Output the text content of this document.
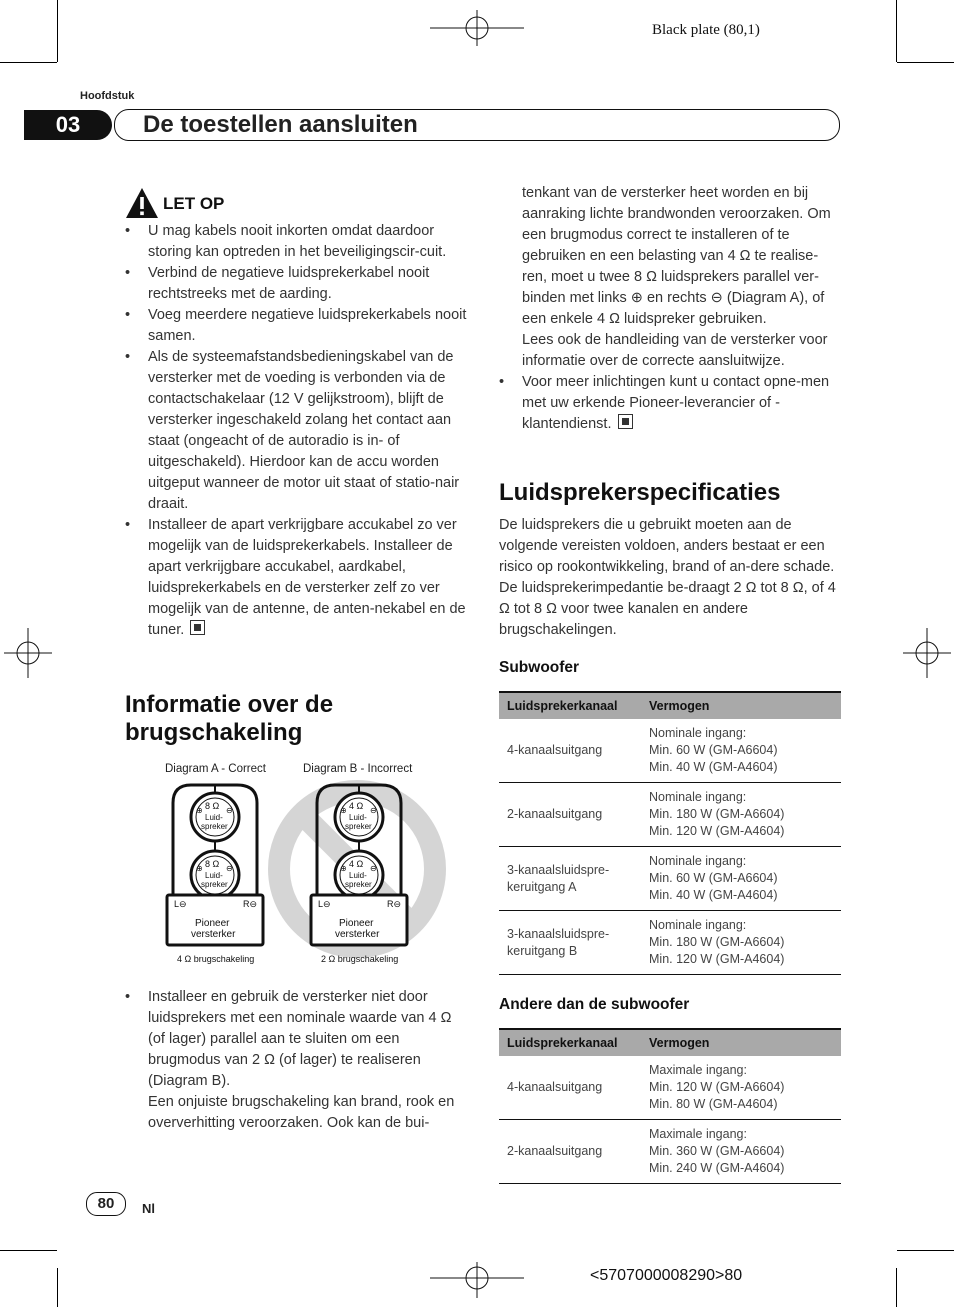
Black plate (80,1)
Hoofdstuk
03	De toestellen aansluiten
LET OP
• U mag kabels nooit inkorten omdat daardoor storing kan optreden in het beveiligingscir-cuit.
• Verbind de negatieve luidsprekerkabel nooit rechtstreeks met de aarding.
• Voeg meerdere negatieve luidsprekerkabels nooit samen.
• Als de systeemafstandsbedieningskabel van de versterker met de voeding is verbonden via de contactschakelaar (12 V gelijkstroom), blijft de versterker ingeschakeld zolang het contact aan staat (ongeacht of de autoradio is in- of uitgeschakeld). Hierdoor kan de accu worden uitgeput wanneer de motor uit staat of statio-nair draait.
• Installeer de apart verkrijgbare accukabel zo ver mogelijk van de luidsprekerkabels. Installeer de apart verkrijgbare accukabel, aardkabel, luidsprekerkabels en de versterker zelf zo ver mogelijk van de antenne, de anten-nekabel en de tuner.
Informatie over de brugschakeling
Diagram A - Correct	Diagram B - Incorrect
8 Ω
Luid-
spreker
⊕	⊖
8 Ω
Luid-
spreker
⊕	⊖
L⊖	R⊖
Pioneer
versterker
4 Ω brugschakeling
4 Ω
Luid-
spreker
⊕	⊖
4 Ω
Luid-
spreker
⊕	⊖
L⊖	R⊖
Pioneer
versterker
2 Ω brugschakeling

• Installeer en gebruik de versterker niet door luidsprekers met een nominale waarde van 4 Ω (of lager) parallel aan te sluiten om een brugmodus van 2 Ω (of lager) te realiseren (Diagram B).

Een onjuiste brugschakeling kan brand, rook en oververhitting veroorzaken. Ook kan de bui-

tenkant van de versterker heet worden en bij aanraking lichte brandwonden veroorzaken. Om een brugmodus correct te installeren of te gebruiken en een belasting van 4 Ω te realise-ren, moet u twee 8 Ω luidsprekers parallel ver-binden met links ⊕ en rechts ⊖ (Diagram A), of een enkele 4 Ω luidspreker gebruiken.

Lees ook de handleiding van de versterker voor informatie over de correcte aansluitwijze.

• Voor meer inlichtingen kunt u contact opne-men met uw erkende Pioneer-leverancier of -klantendienst.
Luidsprekerspecificaties

De luidsprekers die u gebruikt moeten aan de volgende vereisten voldoen, anders bestaat er een risico op rookontwikkeling, brand of an-dere schade. De luidsprekerimpedantie be-draagt 2 Ω tot 8 Ω, of 4 Ω tot 8 Ω voor twee kanalen en andere brugschakelingen.

Subwoofer
Luidsprekerkanaal	Vermogen
4-kanaalsuitgang	Nominale ingang:
Min. 60 W (GM-A6604)
Min. 40 W (GM-A4604)

2-kanaalsuitgang	Nominale ingang:
Min. 180 W (GM-A6604)
Min. 120 W (GM-A4604)

3-kanaalsluidspre-keruitgang A	Nominale ingang:
Min. 60 W (GM-A6604)
Min. 40 W (GM-A4604)

3-kanaalsluidspre-keruitgang B	Nominale ingang:
Min. 180 W (GM-A6604)
Min. 120 W (GM-A4604)
Andere dan de subwoofer
Luidsprekerkanaal	Vermogen
4-kanaalsuitgang	Maximale ingang:
Min. 120 W (GM-A6604)
Min. 80 W (GM-A4604)

2-kanaalsuitgang	Maximale ingang:
Min. 360 W (GM-A6604)
Min. 240 W (GM-A4604)
80	Nl
<5707000008290>80
